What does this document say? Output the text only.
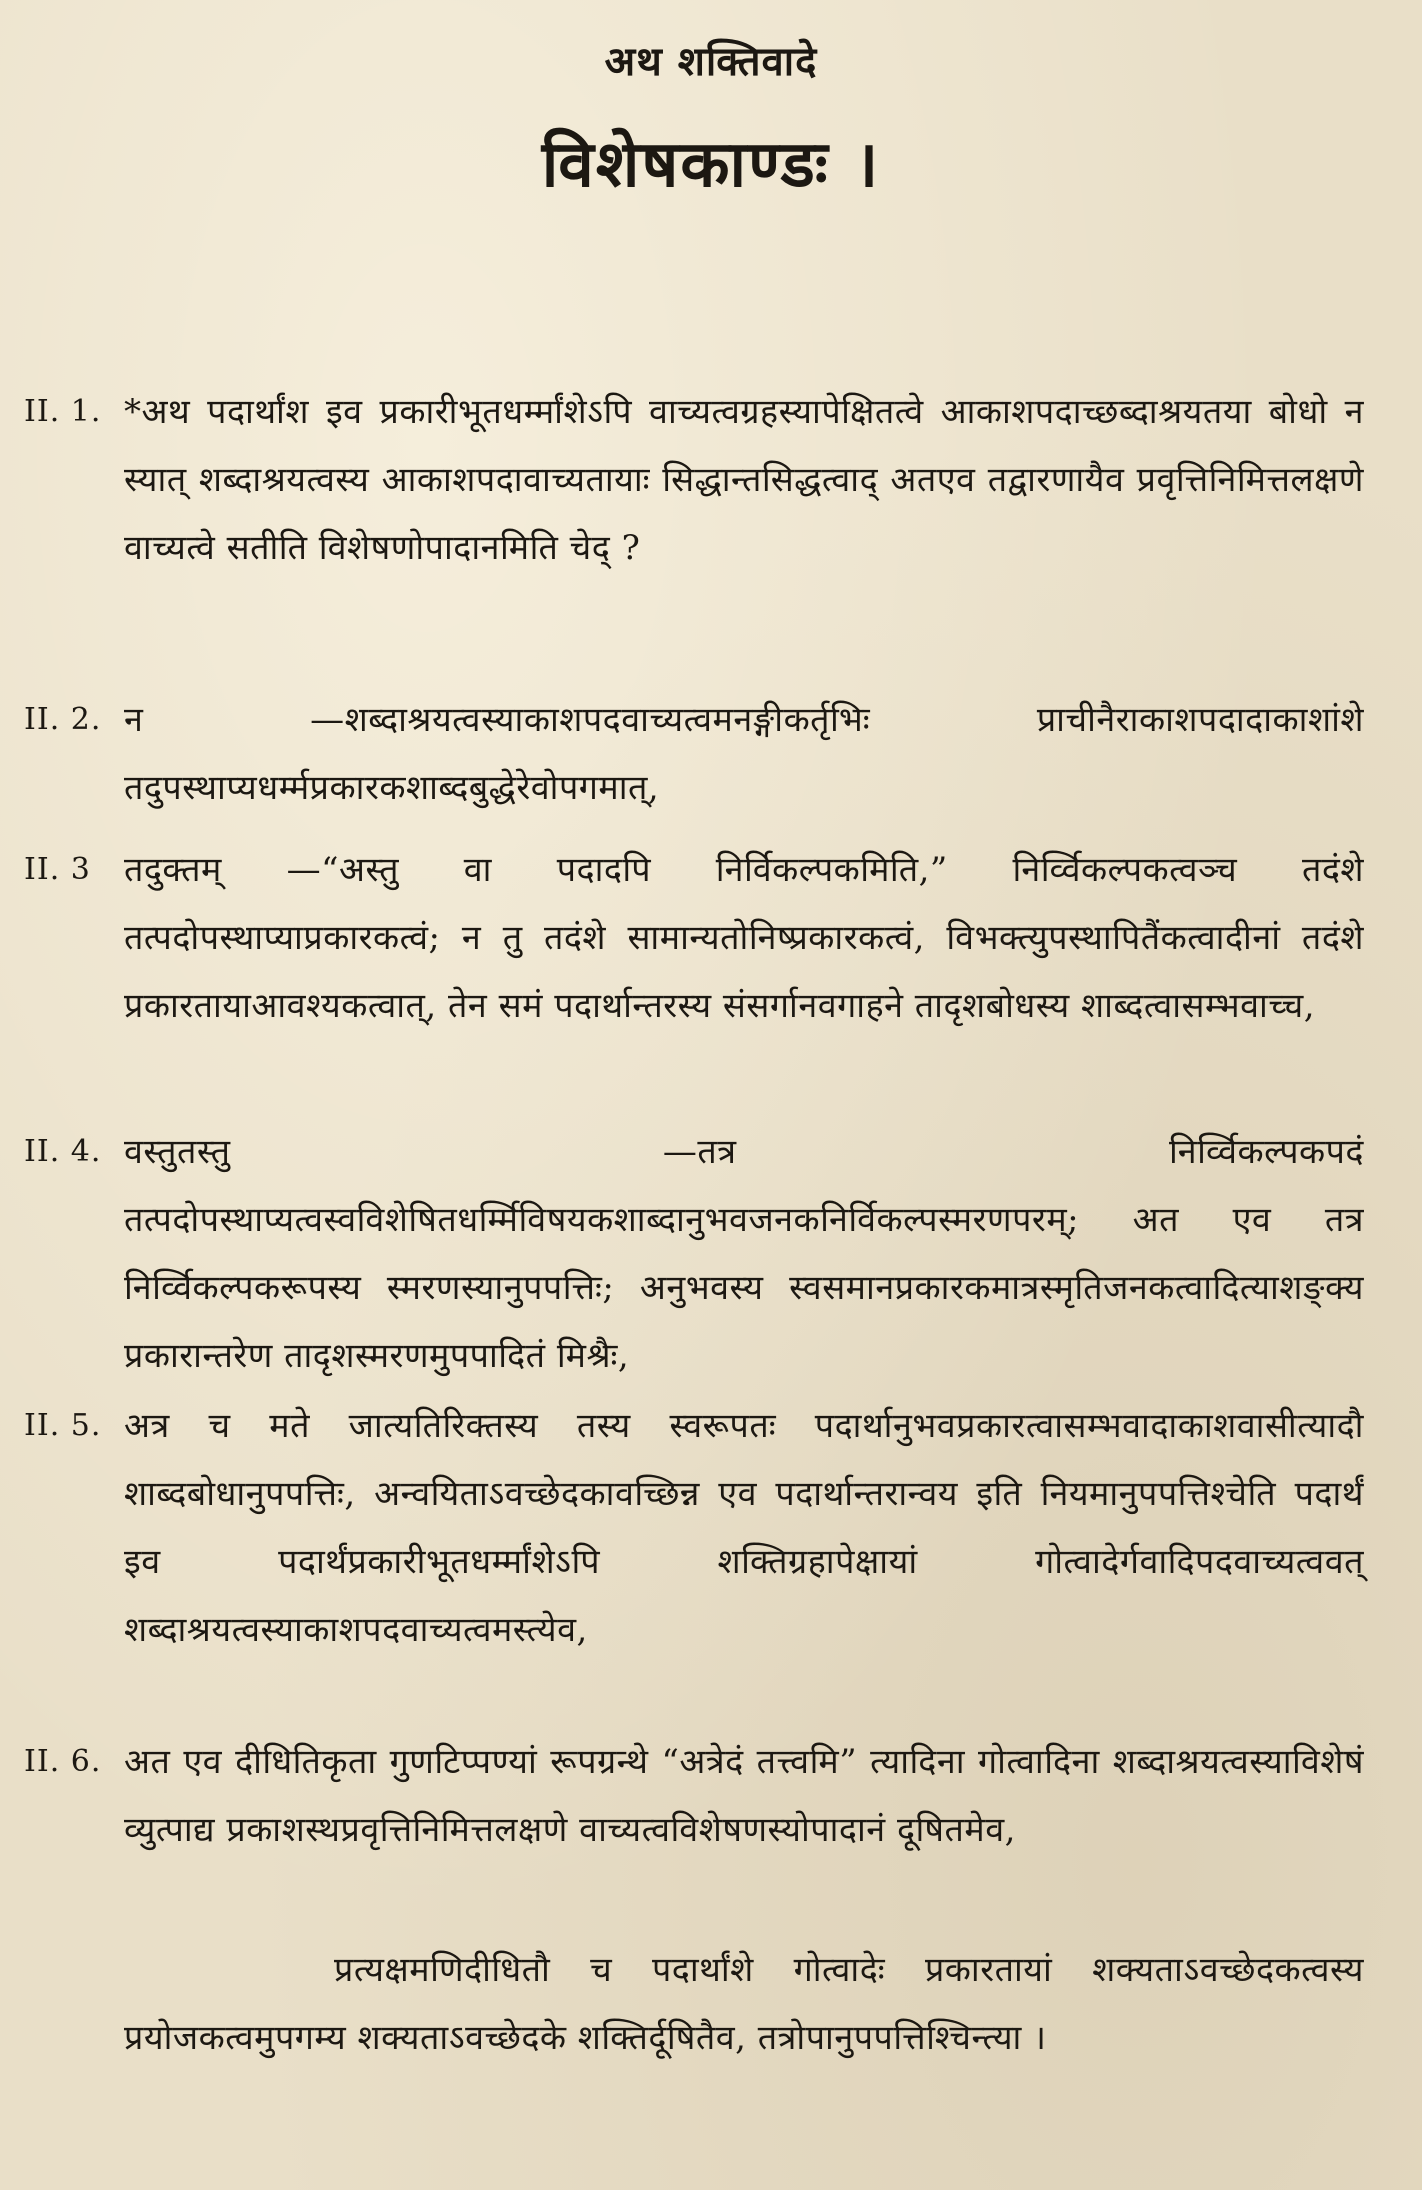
अथ शक्तिवादे
विशेषकाण्डः ।
II. 1. *अथ पदार्थांश इव प्रकारीभूतधर्म्मांशेऽपि वाच्यत्वग्रहस्यापेक्षितत्वे आकाशपदाच्छब्दाश्रयतया बोधो न स्यात् शब्दाश्रयत्वस्य आकाशपदावाच्यतायाः सिद्धान्तसिद्धत्वाद् अतएव तद्वारणायैव प्रवृत्तिनिमित्तलक्षणे वाच्यत्वे सतीति विशेषणोपादानमिति चेद् ?
II. 2. न —शब्दाश्रयत्वस्याकाशपदवाच्यत्वमनङ्गीकर्तृभिः प्राचीनैराकाशपदादाकाशांशे तदुपस्थाप्यधर्म्मप्रकारकशाब्दबुद्धेरेवोपगमात्,
II. 3 तदुक्तम् —“अस्तु वा पदादपि निर्विकल्पकमिति,” निर्व्विकल्पकत्वञ्च तदंशे तत्पदोपस्थाप्याप्रकारकत्वं; न तु तदंशे सामान्यतोनिष्प्रकारकत्वं, विभक्त्युपस्थापितैंकत्वादीनां तदंशे प्रकारतायाआवश्यकत्वात्, तेन समं पदार्थान्तरस्य संसर्गानवगाहने तादृशबोधस्य शाब्दत्वासम्भवाच्च,
II. 4. वस्तुतस्तु —तत्र निर्व्विकल्पकपदं तत्पदोपस्थाप्यत्वस्वविशेषितधर्म्मिविषयकशाब्दानुभवजनकनिर्विकल्पस्मरणपरम्; अत एव तत्र निर्व्विकल्पकरूपस्य स्मरणस्यानुपपत्तिः; अनुभवस्य स्वसमानप्रकारकमात्रस्मृतिजनकत्वादित्याशङ्क्य प्रकारान्तरेण तादृशस्मरणमुपपादितं मिश्रैः,
II. 5. अत्र च मते जात्यतिरिक्तस्य तस्य स्वरूपतः पदार्थानुभवप्रकारत्वासम्भवादाकाशवासीत्यादौ शाब्दबोधानुपपत्तिः, अन्वयिताऽवच्छेदकावच्छिन्न एव पदार्थान्तरान्वय इति नियमानुपपत्तिश्चेति पदार्थं इव पदार्थंप्रकारीभूतधर्म्मांशेऽपि शक्तिग्रहापेक्षायां गोत्वादेर्गवादिपदवाच्यत्ववत् शब्दाश्रयत्वस्याकाशपदवाच्यत्वमस्त्येव,
II. 6. अत एव दीधितिकृता गुणटिप्पण्यां रूपग्रन्थे “अत्रेदं तत्त्वमि” त्यादिना गोत्वादिना शब्दाश्रयत्वस्याविशेषं व्युत्पाद्य प्रकाशस्थप्रवृत्तिनिमित्तलक्षणे वाच्यत्वविशेषणस्योपादानं दूषितमेव,
प्रत्यक्षमणिदीधितौ च पदार्थांशे गोत्वादेः प्रकारतायां शक्यताऽवच्छेदकत्वस्य प्रयोजकत्वमुपगम्य शक्यताऽवच्छेदके शक्तिर्दूषितैव, तत्रोपानुपपत्तिश्चिन्त्या ।
